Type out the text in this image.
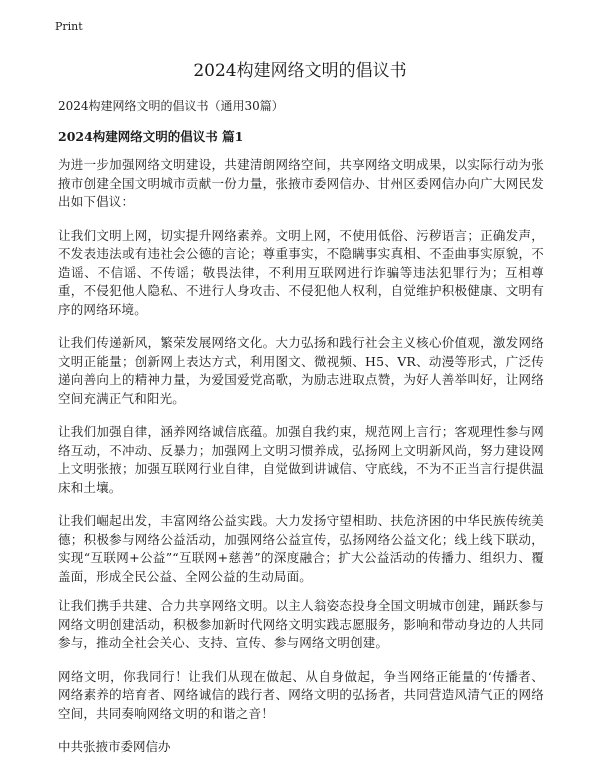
Print
2024构建网络文明的倡议书

2024构建网络文明的倡议书（通用30篇）

2024构建网络文明的倡议书 篇1

为进一步加强网络文明建设，共建清朗网络空间，共享网络文明成果，以实际行动为张掖市创建全国文明城市贡献一份力量，张掖市委网信办、甘州区委网信办向广大网民发出如下倡议：

让我们文明上网，切实提升网络素养。文明上网，不使用低俗、污秽语言；正确发声，不发表违法或有违社会公德的言论；尊重事实，不隐瞒事实真相、不歪曲事实原貌，不造谣、不信谣、不传谣；敬畏法律，不利用互联网进行诈骗等违法犯罪行为；互相尊重，不侵犯他人隐私、不进行人身攻击、不侵犯他人权利，自觉维护积极健康、文明有序的网络环境。

让我们传递新风，繁荣发展网络文化。大力弘扬和践行社会主义核心价值观，激发网络文明正能量；创新网上表达方式，利用图文、微视频、H5、VR、动漫等形式，广泛传递向善向上的精神力量，为爱国爱党高歌，为励志进取点赞，为好人善举叫好，让网络空间充满正气和阳光。

让我们加强自律，涵养网络诚信底蕴。加强自我约束，规范网上言行；客观理性参与网络互动，不冲动、反暴力；加强网上文明习惯养成，弘扬网上文明新风尚，努力建设网上文明张掖；加强互联网行业自律，自觉做到讲诚信、守底线，不为不正当言行提供温床和土壤。

让我们崛起出发，丰富网络公益实践。大力发扬守望相助、扶危济困的中华民族传统美德；积极参与网络公益活动，加强网络公益宣传，弘扬网络公益文化；线上线下联动，实现“互联网+公益”“互联网+慈善”的深度融合；扩大公益活动的传播力、组织力、覆盖面，形成全民公益、全网公益的生动局面。

让我们携手共建、合力共享网络文明。以主人翁姿态投身全国文明城市创建，踊跃参与网络文明创建活动，积极参加新时代网络文明实践志愿服务，影响和带动身边的人共同参与，推动全社会关心、支持、宣传、参与网络文明创建。

网络文明，你我同行！让我们从现在做起、从自身做起，争当网络正能量的‘传播者、网络素养的培育者、网络诚信的践行者、网络文明的弘扬者，共同营造风清气正的网络空间，共同奏响网络文明的和谐之音！

中共张掖市委网信办
